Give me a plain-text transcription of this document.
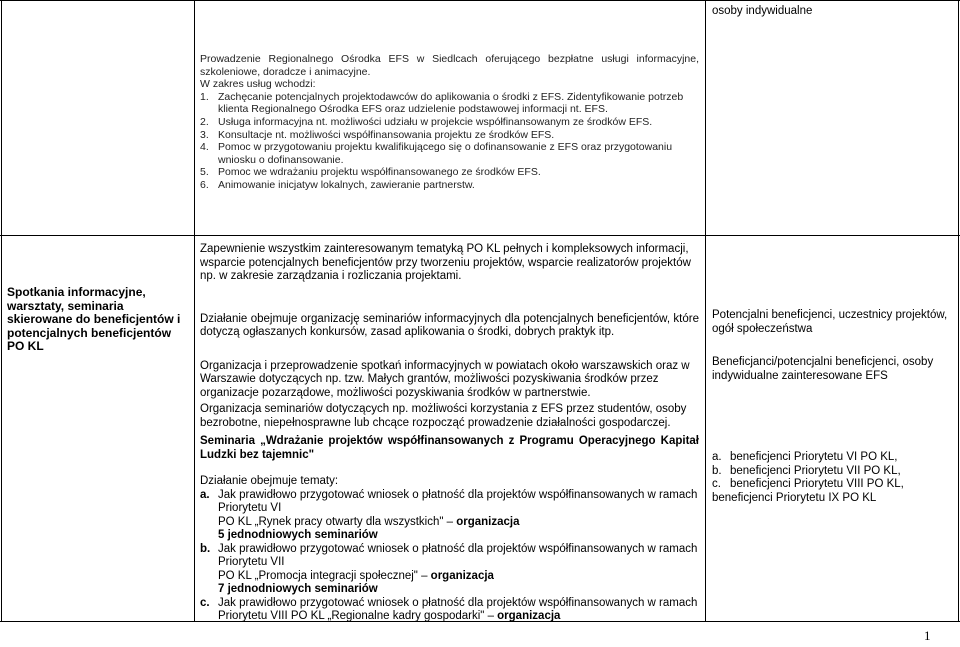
osoby indywidualne

Prowadzenie Regionalnego Ośrodka EFS w Siedlcach oferującego bezpłatne usługi informacyjne, szkoleniowe, doradcze i animacyjne.

W zakres usług wchodzi:

1. Zachęcanie potencjalnych projektodawców do aplikowania o środki z EFS. Zidentyfikowanie potrzeb klienta Regionalnego Ośrodka EFS oraz udzielenie podstawowej informacji nt. EFS.

2. Usługa informacyjna nt. możliwości udziału w projekcie współfinansowanym ze środków EFS.

3. Konsultacje nt. możliwości współfinansowania projektu ze środków EFS.

4. Pomoc w przygotowaniu projektu kwalifikującego się o dofinansowanie z EFS oraz przygotowaniu wniosku o dofinansowanie.

5. Pomoc we wdrażaniu projektu współfinansowanego ze środków EFS.

6. Animowanie inicjatyw lokalnych, zawieranie partnerstw.

Spotkania informacyjne, warsztaty, seminaria skierowane do beneficjentów i potencjalnych beneficjentów PO KL

Zapewnienie wszystkim zainteresowanym tematyką PO KL pełnych i kompleksowych informacji, wsparcie potencjalnych beneficjentów przy tworzeniu projektów, wsparcie realizatorów projektów np. w zakresie zarządzania i rozliczania projektami.

Działanie obejmuje organizację seminariów informacyjnych dla potencjalnych beneficjentów, które dotyczą ogłaszanych konkursów, zasad aplikowania o środki, dobrych praktyk itp.

Organizacja i przeprowadzenie spotkań informacyjnych w powiatach około warszawskich oraz w Warszawie dotyczących np. tzw. Małych grantów, możliwości pozyskiwania środków przez organizacje pozarządowe, możliwości pozyskiwania środków w partnerstwie.

Organizacja seminariów dotyczących np. możliwości korzystania z EFS przez studentów, osoby bezrobotne, niepełnosprawne lub chcące rozpocząć prowadzenie działalności gospodarczej.

Seminaria „Wdrażanie projektów współfinansowanych z Programu Operacyjnego Kapitał Ludzki bez tajemnic"

Działanie obejmuje tematy:

a. Jak prawidłowo przygotować wniosek o płatność dla projektów współfinansowanych w ramach Priorytetu VI
PO KL „Rynek pracy otwarty dla wszystkich" – organizacja
5 jednodniowych seminariów
b. Jak prawidłowo przygotować wniosek o płatność dla projektów współfinansowanych w ramach Priorytetu VII
PO KL „Promocja integracji społecznej" – organizacja
7 jednodniowych seminariów
c. Jak prawidłowo przygotować wniosek o płatność dla projektów współfinansowanych w ramach Priorytetu VIII PO KL „Regionalne kadry gospodarki" – organizacja

Potencjalni beneficjenci, uczestnicy projektów, ogół społeczeństwa

Beneficjanci/potencjalni beneficjenci, osoby indywidualne zainteresowane EFS

a. beneficjenci Priorytetu VI PO KL,

b. beneficjenci Priorytetu VII PO KL,

c. beneficjenci Priorytetu VIII PO KL,

beneficjenci Priorytetu IX PO KL

1
